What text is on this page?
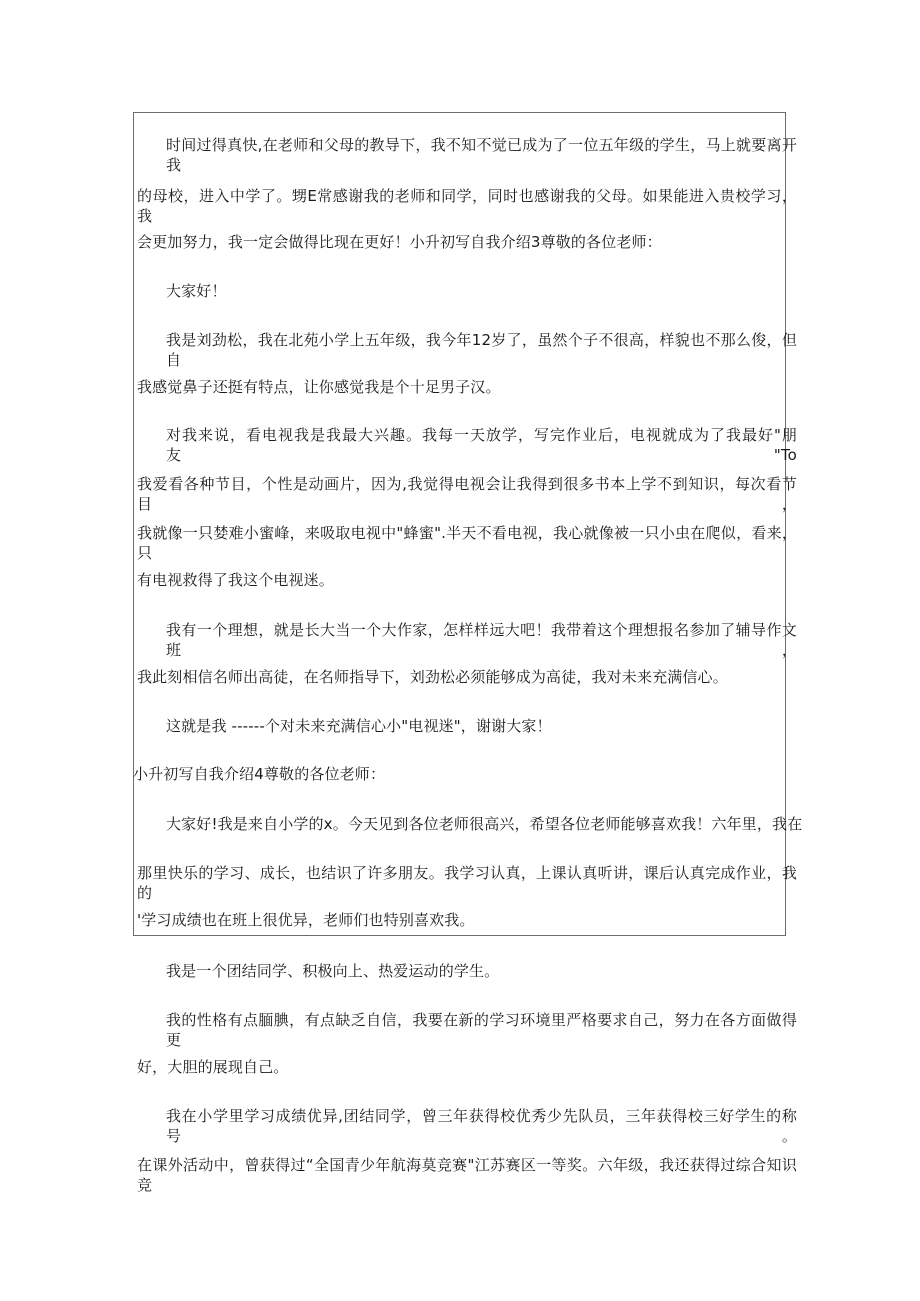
时间过得真快,在老师和父母的教导下，我不知不觉已成为了一位五年级的学生，马上就要离开我
的母校，进入中学了。甥E常感谢我的老师和同学，同时也感谢我的父母。如果能进入贵校学习，我
会更加努力，我一定会做得比现在更好！小升初写自我介绍3尊敬的各位老师：
大家好！
我是刘劲松，我在北苑小学上五年级，我今年12岁了，虽然个子不很高，样貌也不那么俊，但自
我感觉鼻子还挺有特点，让你感觉我是个十足男子汉。
对我来说，看电视我是我最大兴趣。我每一天放学，写完作业后，电视就成为了我最好"朋友"To
我爱看各种节目，个性是动画片，因为,我觉得电视会让我得到很多书本上学不到知识，每次看节目，
我就像一只婪难小蜜峰，来吸取电视中"蜂蜜".半天不看电视，我心就像被一只小虫在爬似，看来，只
有电视救得了我这个电视迷。
我有一个理想，就是长大当一个大作家，怎样样远大吧！我带着这个理想报名参加了辅导作文班，
我此刻相信名师出高徒，在名师指导下，刘劲松必须能够成为高徒，我对未来充满信心。
这就是我 ------个对未来充满信心小"电视迷"，谢谢大家！
小升初写自我介绍4尊敬的各位老师：
大家好!我是来自小学的x。今天见到各位老师很高兴，希望各位老师能够喜欢我！六年里，我在
那里快乐的学习、成长，也结识了许多朋友。我学习认真，上课认真听讲，课后认真完成作业，我的
'学习成绩也在班上很优异，老师们也特别喜欢我。
我是一个团结同学、积极向上、热爱运动的学生。
我的性格有点腼腆，有点缺乏自信，我要在新的学习环境里严格要求自己，努力在各方面做得更
好，大胆的展现自己。
我在小学里学习成绩优异,团结同学，曾三年获得校优秀少先队员，三年获得校三好学生的称号。
在课外活动中，曾获得过“全国青少年航海莫竞赛"江苏赛区一等奖。六年级，我还获得过综合知识竞
